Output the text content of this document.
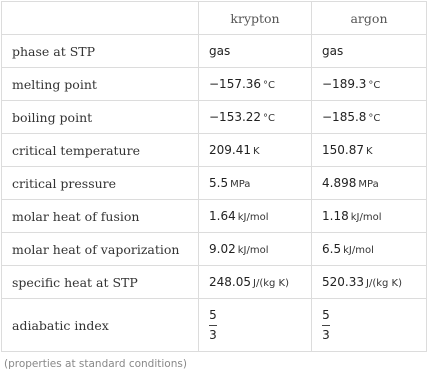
	krypton	argon
phase at STP	gas	gas
melting point	−157.36 °C	−189.3 °C
boiling point	−153.22 °C	−185.8 °C
critical temperature	209.41 K	150.87 K
critical pressure	5.5 MPa	4.898 MPa
molar heat of fusion	1.64 kJ/mol	1.18 kJ/mol
molar heat of vaporization	9.02 kJ/mol	6.5 kJ/mol
specific heat at STP	248.05 J/(kg K)	520.33 J/(kg K)
adiabatic index	$\frac{5}{3}$	$\frac{5}{3}$
(properties at standard conditions)
